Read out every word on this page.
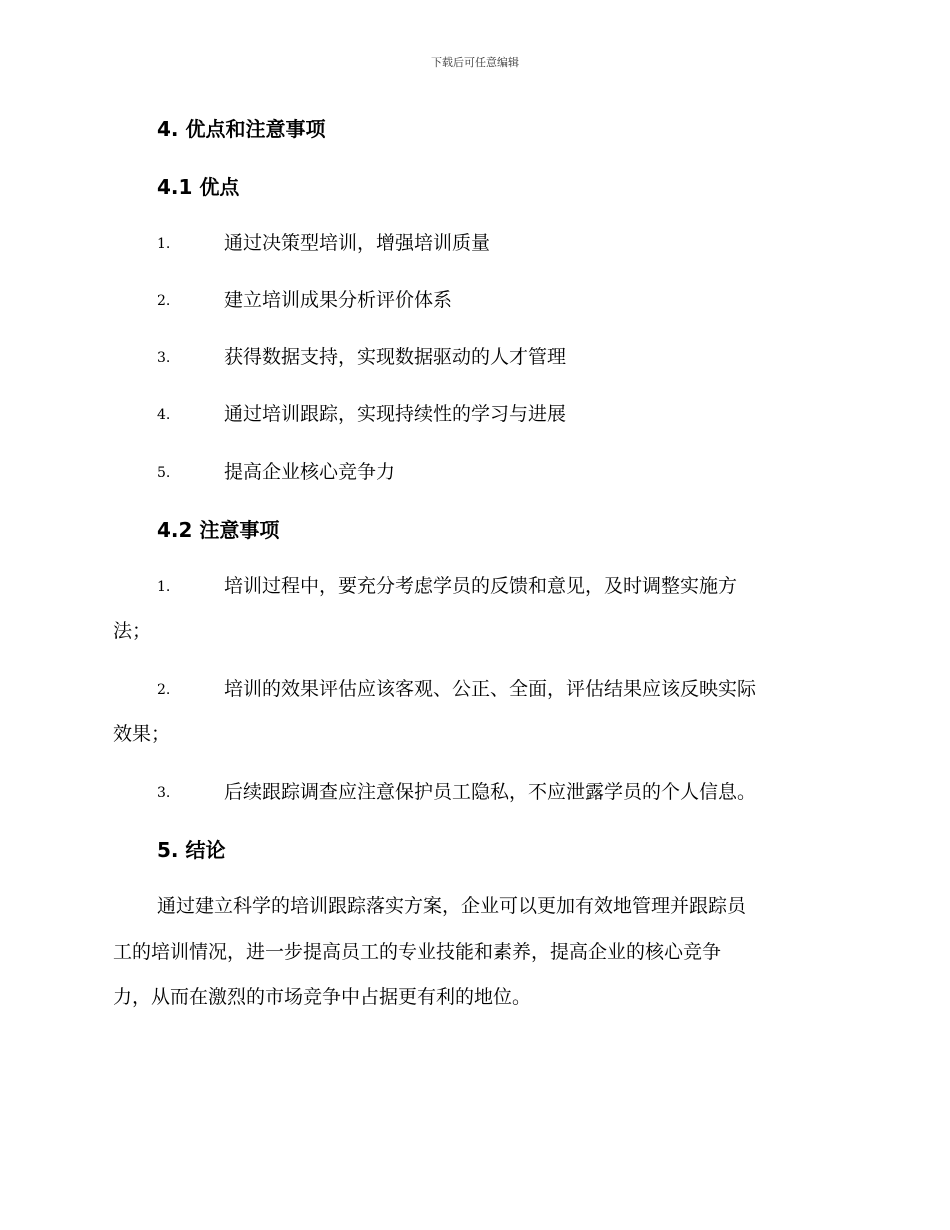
下载后可任意编辑
4. 优点和注意事项
4.1 优点
1.	通过决策型培训，增强培训质量
2.	建立培训成果分析评价体系
3.	获得数据支持，实现数据驱动的人才管理
4.	通过培训跟踪，实现持续性的学习与进展
5.	提高企业核心竞争力
4.2 注意事项
1.	培训过程中，要充分考虑学员的反馈和意见，及时调整实施方
法；
2.	培训的效果评估应该客观、公正、全面，评估结果应该反映实际
效果；
3.	后续跟踪调查应注意保护员工隐私，不应泄露学员的个人信息。
5. 结论
通过建立科学的培训跟踪落实方案，企业可以更加有效地管理并跟踪员
工的培训情况，进一步提高员工的专业技能和素养，提高企业的核心竞争
力，从而在激烈的市场竞争中占据更有利的地位。
